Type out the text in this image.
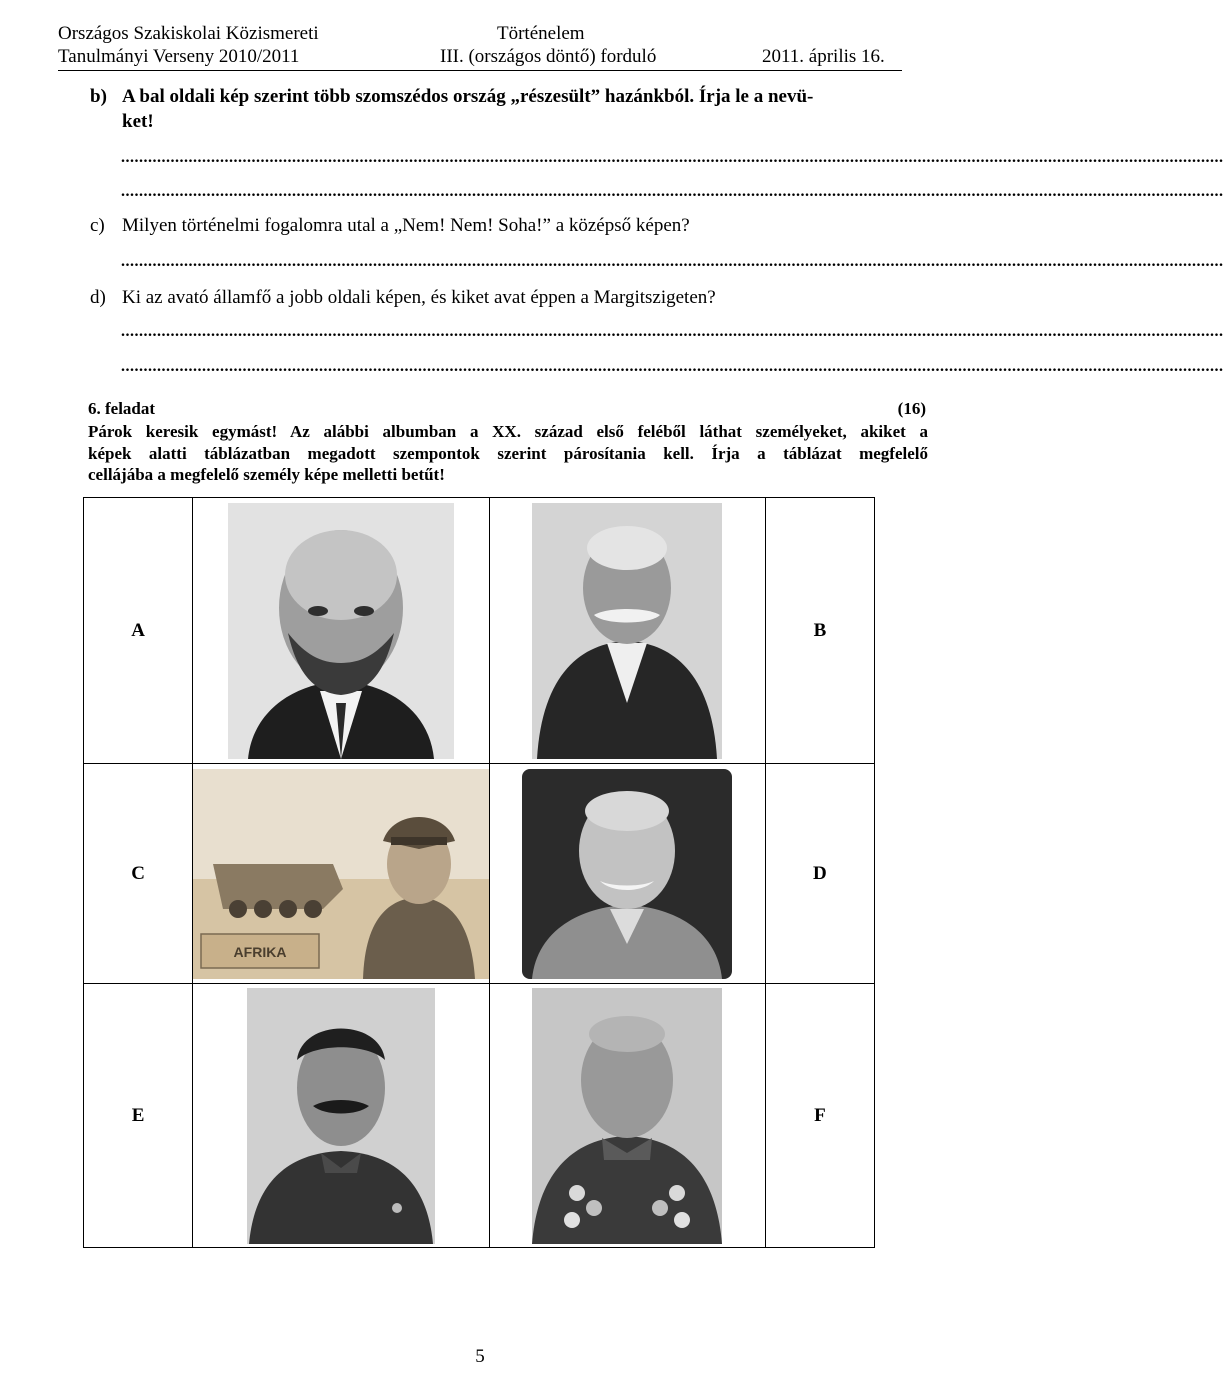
Országos Szakiskolai Közismereti	Történelem
Tanulmányi Verseny 2010/2011	III. (országos döntő) forduló	2011. április 16.
b) A bal oldali kép szerint több szomszédos ország „részesült” hazánkból. Írja le a nevü-
ket!
.....................................................................................................................................................................................................................................................
.....................................................................................................................................................................................................................................................
c) Milyen történelmi fogalomra utal a „Nem! Nem! Soha!” a középső képen?
.....................................................................................................................................................................................................................................................
d) Ki az avató államfő a jobb oldali képen, és kiket avat éppen a Margitszigeten?
.....................................................................................................................................................................................................................................................
.....................................................................................................................................................................................................................................................
6. feladat	(16)
Párok keresik egymást! Az alábbi albumban a XX. század első feléből láthat személyeket, akiket a
képek alatti táblázatban megadott szempontok szerint párosítania kell. Írja a táblázat megfelelő
cellájába a megfelelő személy képe melletti betűt!
A			B
C	AFRIKA		D
E			F
5
